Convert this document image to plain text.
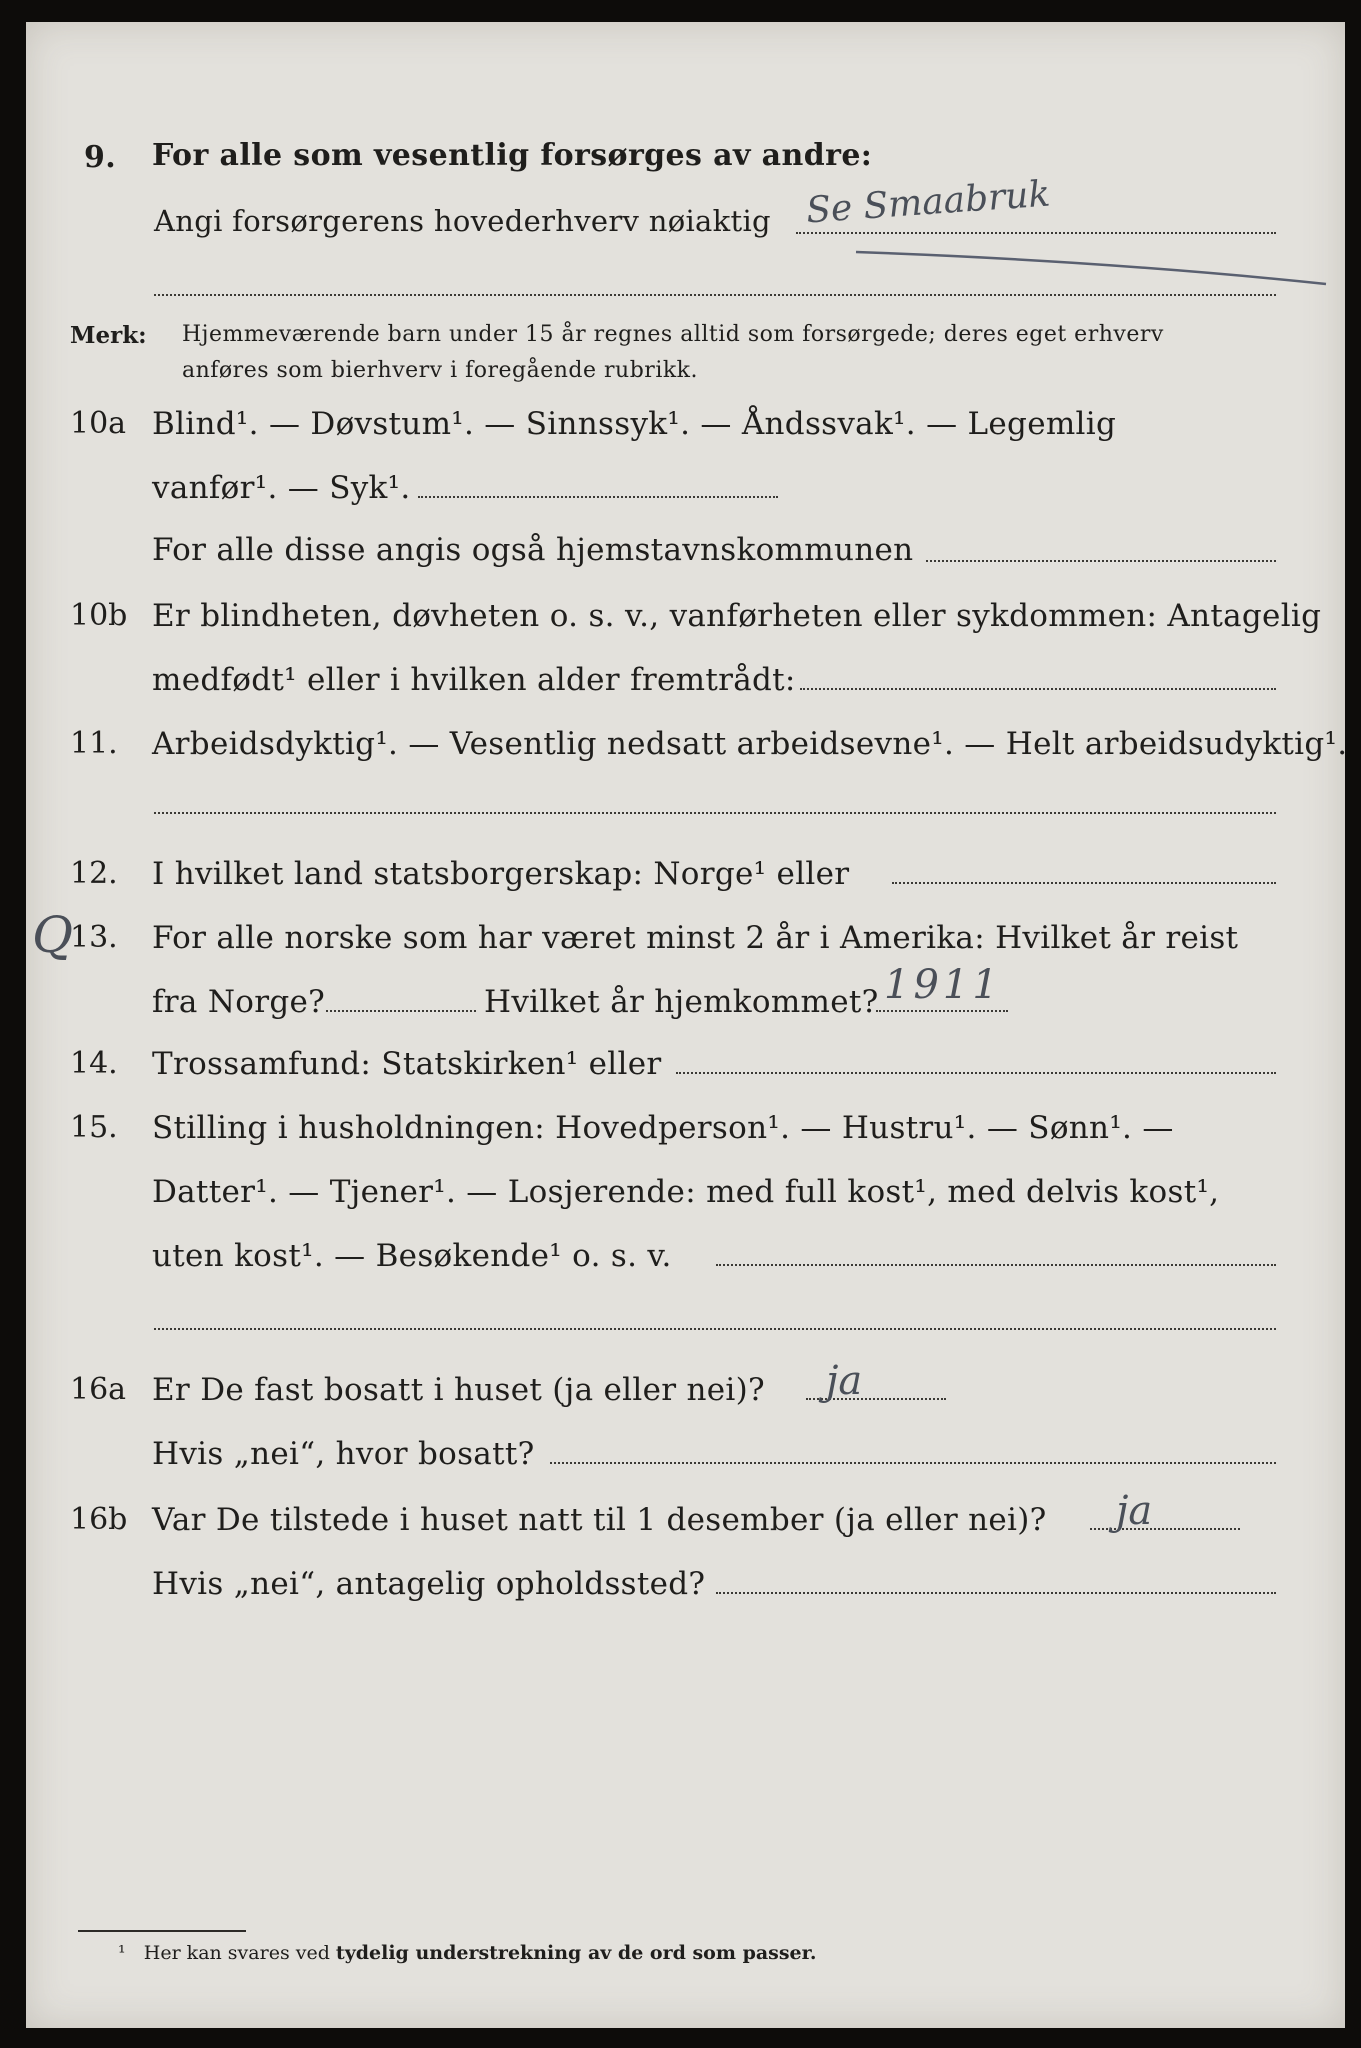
9. For alle som vesentlig forsørges av andre:
Angi forsørgerens hovederhverv nøiaktig Se Smaabruk
Merk: Hjemmeværende barn under 15 år regnes alltid som forsørgede; deres eget erhverv
anføres som bierhverv i foregående rubrikk.
10a Blind¹. — Døvstum¹. — Sinnssyk¹. — Åndssvak¹. — Legemlig
vanfør¹. — Syk¹.
For alle disse angis også hjemstavnskommunen
10b Er blindheten, døvheten o. s. v., vanførheten eller sykdommen: Antagelig
medfødt¹ eller i hvilken alder fremtrådt:
11. Arbeidsdyktig¹. — Vesentlig nedsatt arbeidsevne¹. — Helt arbeidsudyktig¹.
12. I hvilket land statsborgerskap: Norge¹ eller
Q
13. For alle norske som har været minst 2 år i Amerika: Hvilket år reist
fra Norge?	Hvilket år hjemkommet? 1911
14. Trossamfund: Statskirken¹ eller
15. Stilling i husholdningen: Hovedperson¹. — Hustru¹. — Sønn¹. —
Datter¹. — Tjener¹. — Losjerende: med full kost¹, med delvis kost¹,
uten kost¹. — Besøkende¹ o. s. v.
16a Er De fast bosatt i huset (ja eller nei)? ja
Hvis „nei“, hvor bosatt?
16b Var De tilstede i huset natt til 1 desember (ja eller nei)? ja
Hvis „nei“, antagelig opholdssted?
¹ Her kan svares ved tydelig understrekning av de ord som passer.
